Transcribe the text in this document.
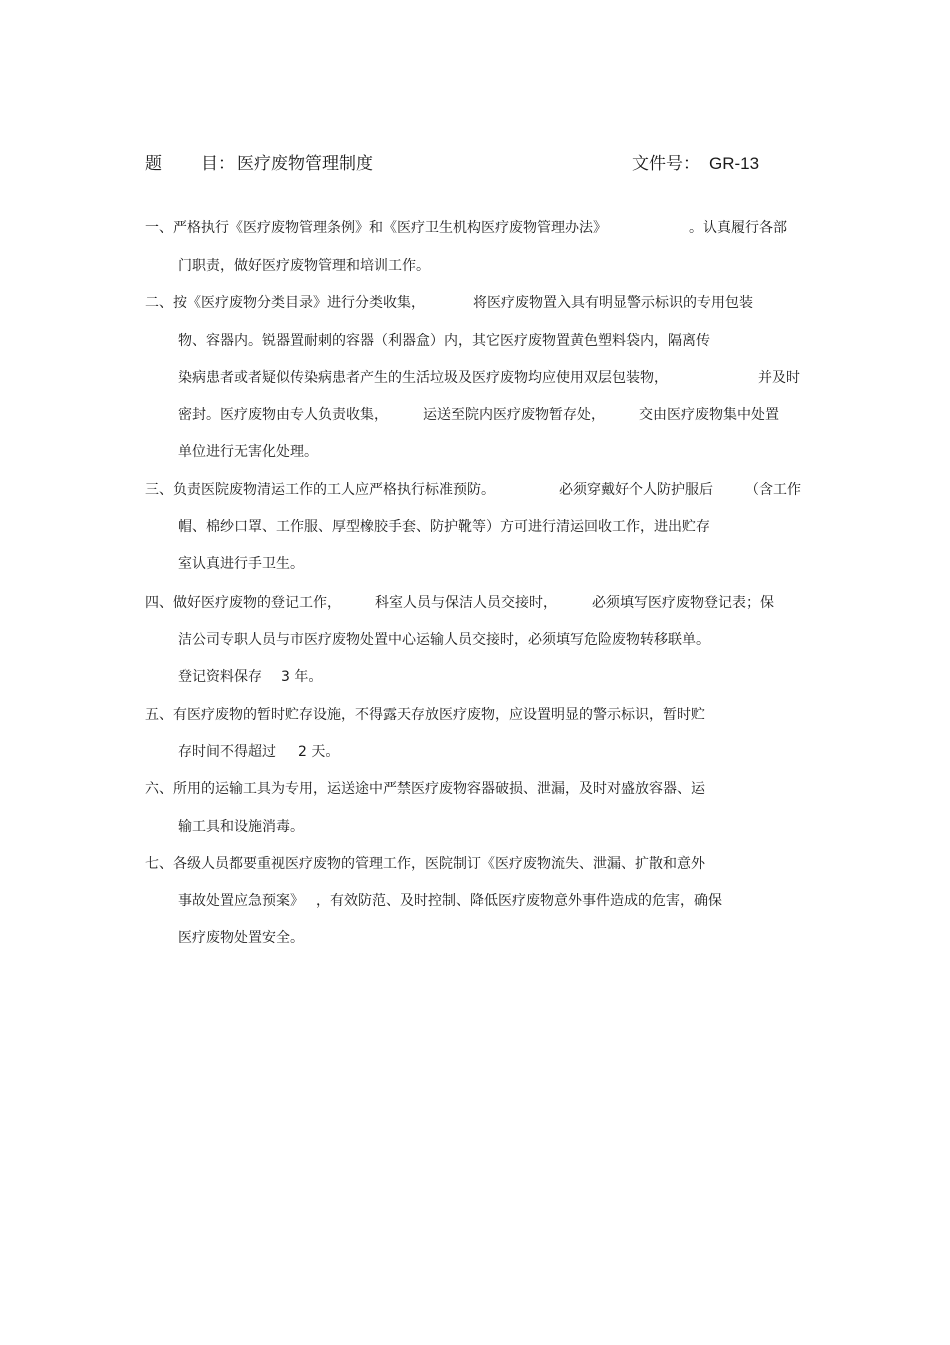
题 目： 医疗废物管理制度	文件号： GR-13
一、严格执行《医疗废物管理条例》和《医疗卫生机构医疗废物管理办法》	。认真履行各部
门职责，做好医疗废物管理和培训工作。
二、按《医疗废物分类目录》进行分类收集，	将医疗废物置入具有明显警示标识的专用包装
物、容器内。锐器置耐刺的容器（利器盒）内，其它医疗废物置黄色塑料袋内，隔离传
染病患者或者疑似传染病患者产生的生活垃圾及医疗废物均应使用双层包装物，	并及时
密封。医疗废物由专人负责收集，	运送至院内医疗废物暂存处， 交由医疗废物集中处置
单位进行无害化处理。
三、负责医院废物清运工作的工人应严格执行标准预防。	必须穿戴好个人防护服后 （含工作
帽、棉纱口罩、工作服、厚型橡胶手套、防护靴等）方可进行清运回收工作，进出贮存
室认真进行手卫生。
四、做好医疗废物的登记工作， 科室人员与保洁人员交接时，	必须填写医疗废物登记表；保
洁公司专职人员与市医疗废物处置中心运输人员交接时，必须填写危险废物转移联单。
登记资料保存 3 年。
五、有医疗废物的暂时贮存设施，不得露天存放医疗废物，应设置明显的警示标识，暂时贮
存时间不得超过 2 天。
六、所用的运输工具为专用，运送途中严禁医疗废物容器破损、泄漏，及时对盛放容器、运
输工具和设施消毒。
七、各级人员都要重视医疗废物的管理工作，医院制订《医疗废物流失、泄漏、扩散和意外
事故处置应急预案》 ，有效防范、及时控制、降低医疗废物意外事件造成的危害，确保
医疗废物处置安全。
